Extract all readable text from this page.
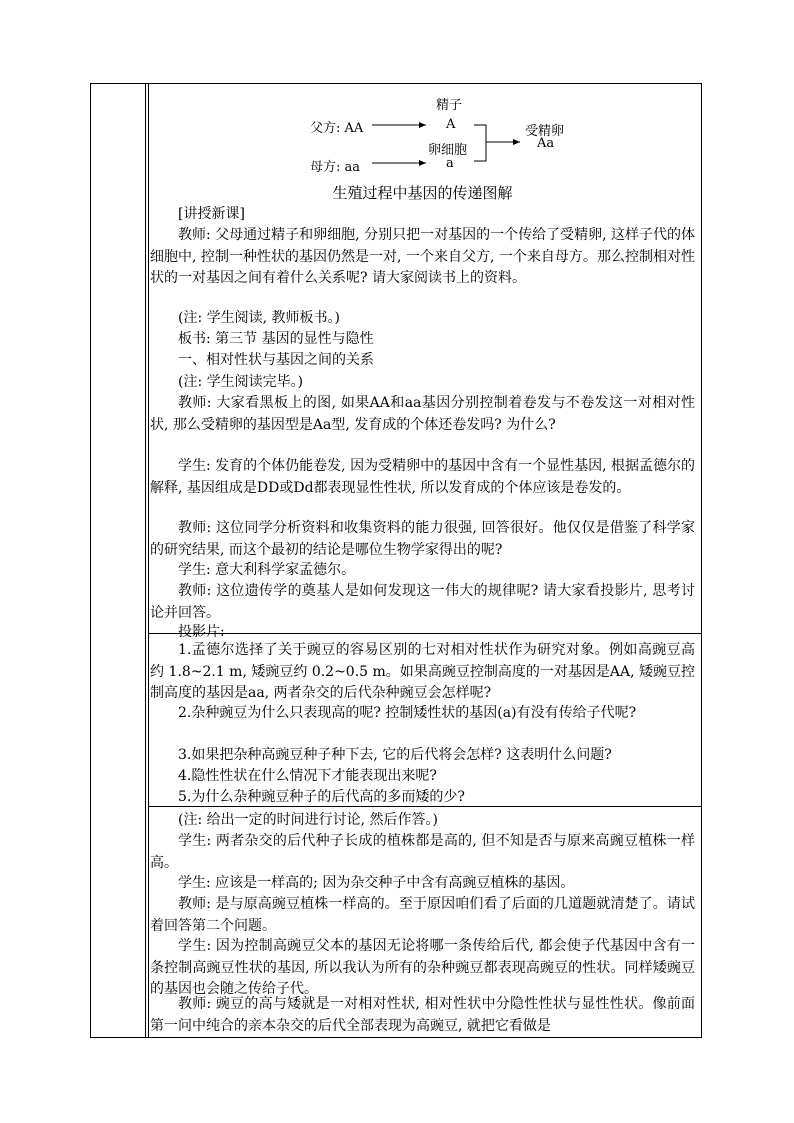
精子
父方: AA	A
卵细胞
母方: aa	a
受精卵
Aa
生殖过程中基因的传递图解

[讲授新课]

教师: 父母通过精子和卵细胞, 分别只把一对基因的一个传给了受精卵, 这样子代的体细胞中, 控制一种性状的基因仍然是一对, 一个来自父方, 一个来自母方。那么控制相对性状的一对基因之间有着什么关系呢? 请大家阅读书上的资料。

(注: 学生阅读, 教师板书。)

板书: 第三节 基因的显性与隐性

一、相对性状与基因之间的关系

(注: 学生阅读完毕。)

教师: 大家看黑板上的图, 如果AA和aa基因分别控制着卷发与不卷发这一对相对性状, 那么受精卵的基因型是Aa型, 发育成的个体还卷发吗? 为什么?

学生: 发育的个体仍能卷发, 因为受精卵中的基因中含有一个显性基因, 根据孟德尔的解释, 基因组成是DD或Dd都表现显性性状, 所以发育成的个体应该是卷发的。

教师: 这位同学分析资料和收集资料的能力很强, 回答很好。他仅仅是借鉴了科学家的研究结果, 而这个最初的结论是哪位生物学家得出的呢?

学生: 意大利科学家孟德尔。

教师: 这位遗传学的奠基人是如何发现这一伟大的规律呢? 请大家看投影片, 思考讨论并回答。

投影片:

1.孟德尔选择了关于豌豆的容易区别的七对相对性状作为研究对象。例如高豌豆高约 1.8~2.1 m, 矮豌豆约 0.2~0.5 m。如果高豌豆控制高度的一对基因是AA, 矮豌豆控制高度的基因是aa, 两者杂交的后代杂种豌豆会怎样呢?

2.杂种豌豆为什么只表现高的呢? 控制矮性状的基因(a)有没有传给子代呢?

3.如果把杂种高豌豆种子种下去, 它的后代将会怎样? 这表明什么问题?

4.隐性性状在什么情况下才能表现出来呢?

5.为什么杂种豌豆种子的后代高的多而矮的少?

(注: 给出一定的时间进行讨论, 然后作答。)

学生: 两者杂交的后代种子长成的植株都是高的, 但不知是否与原来高豌豆植株一样高。

学生: 应该是一样高的; 因为杂交种子中含有高豌豆植株的基因。

教师: 是与原高豌豆植株一样高的。至于原因咱们看了后面的几道题就清楚了。请试着回答第二个问题。

学生: 因为控制高豌豆父本的基因无论将哪一条传给后代, 都会使子代基因中含有一条控制高豌豆性状的基因, 所以我认为所有的杂种豌豆都表现高豌豆的性状。同样矮豌豆的基因也会随之传给子代。

教师: 豌豆的高与矮就是一对相对性状, 相对性状中分隐性性状与显性性状。像前面第一问中纯合的亲本杂交的后代全部表现为高豌豆, 就把它看做是
